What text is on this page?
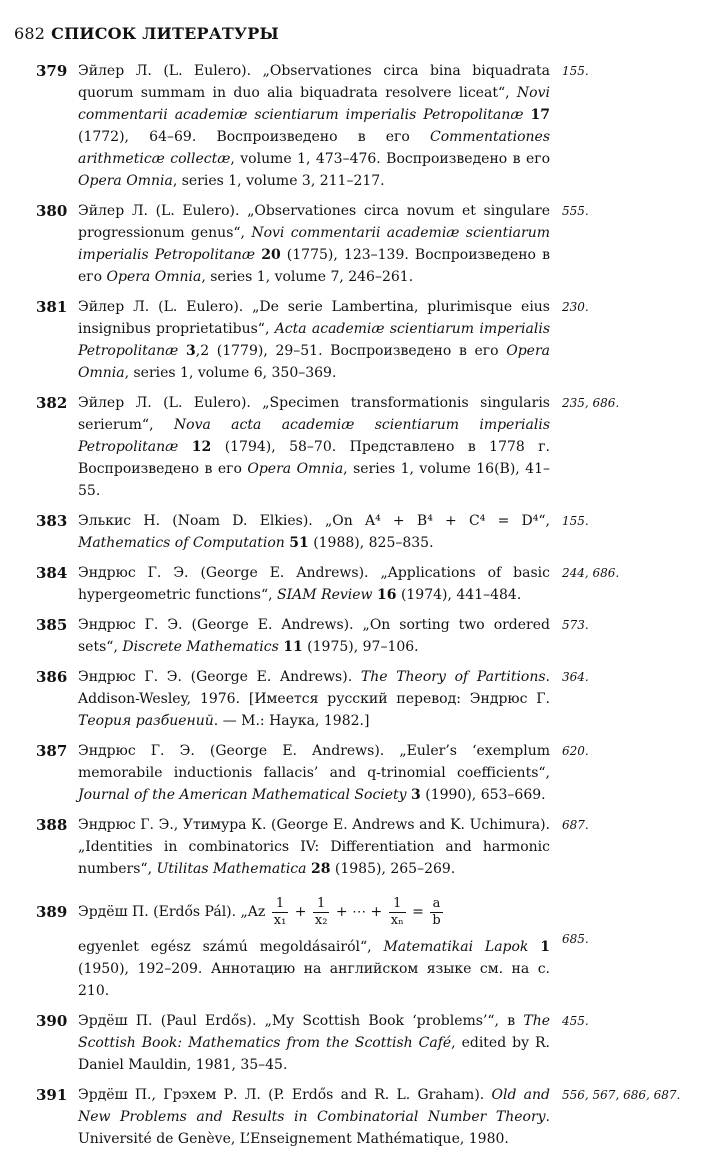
682 СПИСОК ЛИТЕРАТУРЫ
379 Эйлер Л. (L. Eulero). „Observationes circa bina biquadrata quorum summam in duo alia biquadrata resolvere liceat“, Novi commentarii academiæ scientiarum imperialis Petropolitanæ 17 (1772), 64–69. Воспроизведено в его Commentationes arithmeticæ collectæ, volume 1, 473–476. Воспроизведено в его Opera Omnia, series 1, volume 3, 211–217.
155.
380 Эйлер Л. (L. Eulero). „Observationes circa novum et singulare progressionum genus“, Novi commentarii academiæ scientiarum imperialis Petropolitanæ 20 (1775), 123–139. Воспроизведено в его Opera Omnia, series 1, volume 7, 246–261.
555.
381 Эйлер Л. (L. Eulero). „De serie Lambertina, plurimisque eius insignibus proprietatibus“, Acta academiæ scientiarum imperialis Petropolitanæ 3,2 (1779), 29–51. Воспроизведено в его Opera Omnia, series 1, volume 6, 350–369.
230.
382 Эйлер Л. (L. Eulero). „Specimen transformationis singularis serierum“, Nova acta academiæ scientiarum imperialis Petropolitanæ 12 (1794), 58–70. Представлено в 1778 г. Воспроизведено в его Opera Omnia, series 1, volume 16(B), 41–55.
235, 686.
383 Элькис Н. (Noam D. Elkies). „On A⁴ + B⁴ + C⁴ = D⁴“, Mathematics of Computation 51 (1988), 825–835.
155.
384 Эндрюс Г. Э. (George E. Andrews). „Applications of basic hypergeometric functions“, SIAM Review 16 (1974), 441–484.
244, 686.
385 Эндрюс Г. Э. (George E. Andrews). „On sorting two ordered sets“, Discrete Mathematics 11 (1975), 97–106.
573.
386 Эндрюс Г. Э. (George E. Andrews). The Theory of Partitions. Addison-Wesley, 1976. [Имеется русский перевод: Эндрюс Г. Теория разбиений. — М.: Наука, 1982.]
364.
387 Эндрюс Г. Э. (George E. Andrews). „Euler’s ‘exemplum memorabile inductionis fallacis’ and q-trinomial coefficients“, Journal of the American Mathematical Society 3 (1990), 653–669.
620.
388 Эндрюс Г. Э., Утимура К. (George E. Andrews and K. Uchimura). „Identities in combinatorics IV: Differentiation and harmonic numbers“, Utilitas Mathematica 28 (1985), 265–269.
687.
389 Эрдёш П. (Erdős Pál). „Az $\frac{1}{\text{x₁}} + \frac{1}{\text{x₂}}$ + ⋯ + $\frac{1}{\text{xₙ}} = \frac{a}{b}$
egyenlet egész számú megoldásairól“, Matematikai Lapok 1 (1950), 192–209. Аннотацию на английском языке см. на с. 210.
685.
390 Эрдёш П. (Paul Erdős). „My Scottish Book ‘problems’“, в The Scottish Book: Mathematics from the Scottish Café, edited by R. Daniel Mauldin, 1981, 35–45.
455.
391 Эрдёш П., Грэхем Р. Л. (P. Erdős and R. L. Graham). Old and New Problems and Results in Combinatorial Number Theory. Université de Genève, L’Enseignement Mathématique, 1980.
556, 567, 686, 687.
